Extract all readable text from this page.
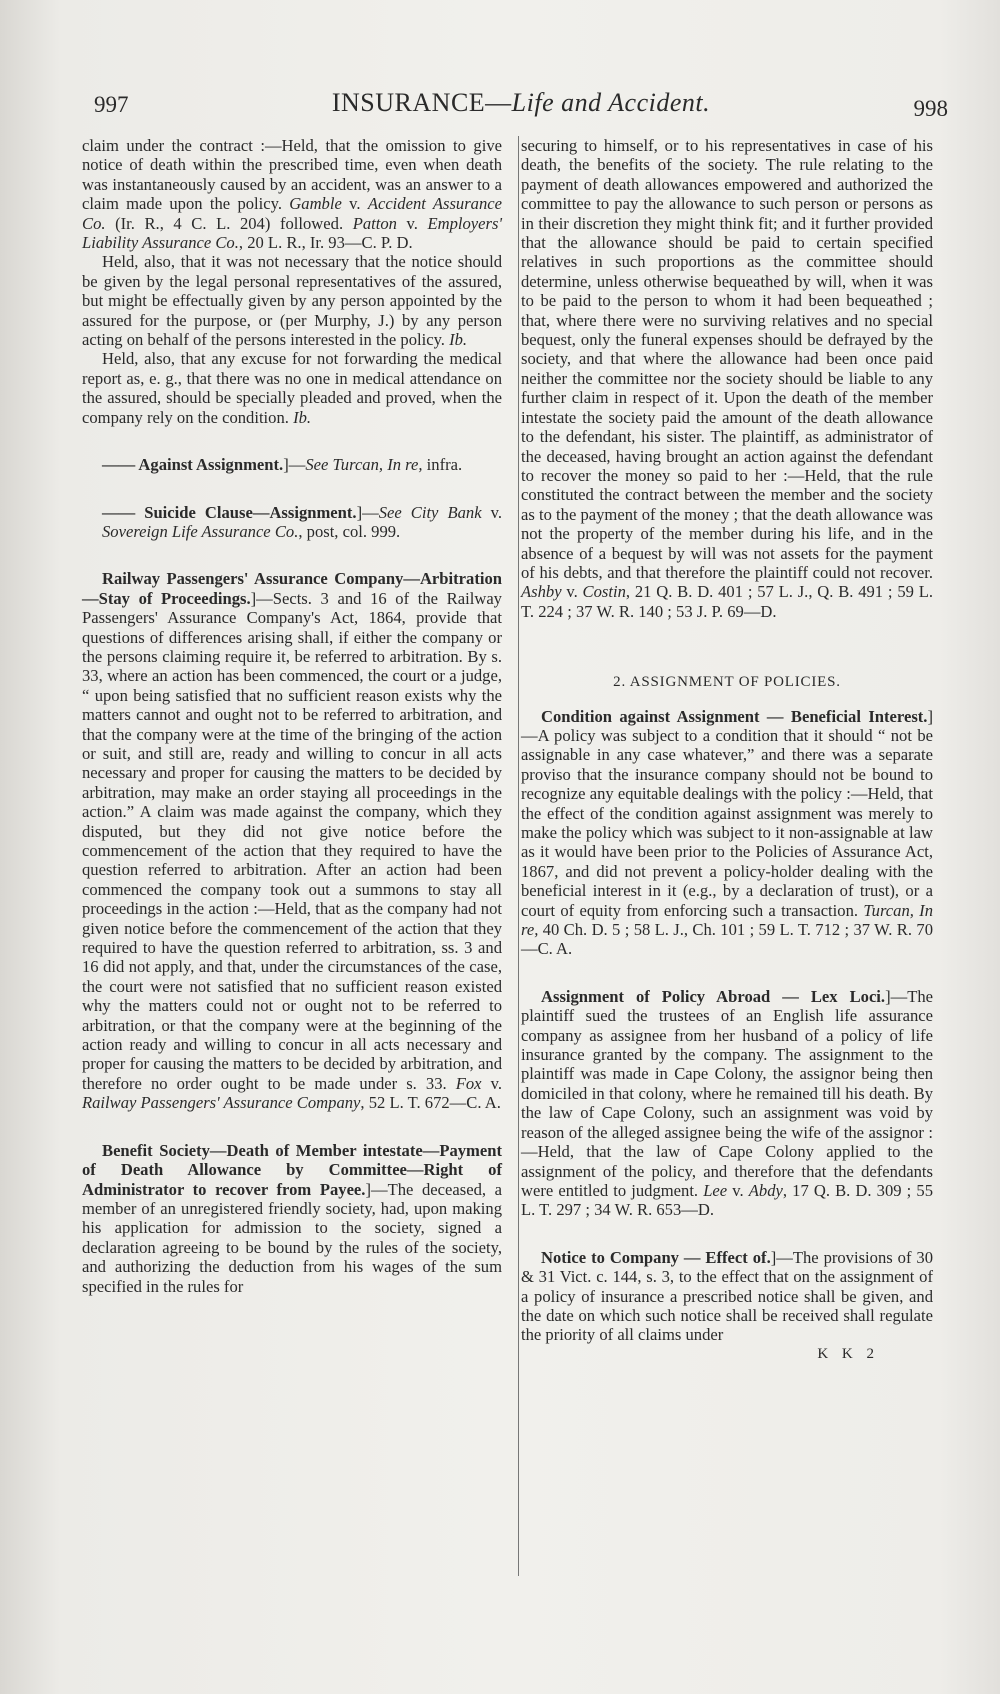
997	INSURANCE—Life and Accident.	998

claim under the contract :—Held, that the omission to give notice of death within the prescribed time, even when death was instantaneously caused by an accident, was an answer to a claim made upon the policy. Gamble v. Accident Assurance Co. (Ir. R., 4 C. L. 204) followed. Patton v. Employers' Liability Assurance Co., 20 L. R., Ir. 93—C. P. D.

Held, also, that it was not necessary that the notice should be given by the legal personal representatives of the assured, but might be effectually given by any person appointed by the assured for the purpose, or (per Murphy, J.) by any person acting on behalf of the persons interested in the policy. Ib.

Held, also, that any excuse for not forwarding the medical report as, e. g., that there was no one in medical attendance on the assured, should be specially pleaded and proved, when the company rely on the condition. Ib.

—— Against Assignment.]—See Turcan, In re, infra.

—— Suicide Clause—Assignment.]—See City Bank v. Sovereign Life Assurance Co., post, col. 999.

Railway Passengers' Assurance Company—Arbitration—Stay of Proceedings.]—Sects. 3 and 16 of the Railway Passengers' Assurance Company's Act, 1864, provide that questions of differences arising shall, if either the company or the persons claiming require it, be referred to arbitration. By s. 33, where an action has been commenced, the court or a judge, “ upon being satisfied that no sufficient reason exists why the matters cannot and ought not to be referred to arbitration, and that the company were at the time of the bringing of the action or suit, and still are, ready and willing to concur in all acts necessary and proper for causing the matters to be decided by arbitration, may make an order staying all proceedings in the action.” A claim was made against the company, which they disputed, but they did not give notice before the commencement of the action that they required to have the question referred to arbitration. After an action had been commenced the company took out a summons to stay all proceedings in the action :—Held, that as the company had not given notice before the commencement of the action that they required to have the question referred to arbitration, ss. 3 and 16 did not apply, and that, under the circumstances of the case, the court were not satisfied that no sufficient reason existed why the matters could not or ought not to be referred to arbitration, or that the company were at the beginning of the action ready and willing to concur in all acts necessary and proper for causing the matters to be decided by arbitration, and therefore no order ought to be made under s. 33. Fox v. Railway Passengers' Assurance Company, 52 L. T. 672—C. A.

Benefit Society—Death of Member intestate—Payment of Death Allowance by Committee—Right of Administrator to recover from Payee.]—The deceased, a member of an unregistered friendly society, had, upon making his application for admission to the society, signed a declaration agreeing to be bound by the rules of the society, and authorizing the deduction from his wages of the sum specified in the rules for

securing to himself, or to his representatives in case of his death, the benefits of the society. The rule relating to the payment of death allowances empowered and authorized the committee to pay the allowance to such person or persons as in their discretion they might think fit; and it further provided that the allowance should be paid to certain specified relatives in such proportions as the committee should determine, unless otherwise bequeathed by will, when it was to be paid to the person to whom it had been bequeathed ; that, where there were no surviving relatives and no special bequest, only the funeral expenses should be defrayed by the society, and that where the allowance had been once paid neither the committee nor the society should be liable to any further claim in respect of it. Upon the death of the member intestate the society paid the amount of the death allowance to the defendant, his sister. The plaintiff, as administrator of the deceased, having brought an action against the defendant to recover the money so paid to her :—Held, that the rule constituted the contract between the member and the society as to the payment of the money ; that the death allowance was not the property of the member during his life, and in the absence of a bequest by will was not assets for the payment of his debts, and that therefore the plaintiff could not recover. Ashby v. Costin, 21 Q. B. D. 401 ; 57 L. J., Q. B. 491 ; 59 L. T. 224 ; 37 W. R. 140 ; 53 J. P. 69—D.

2. ASSIGNMENT OF POLICIES.

Condition against Assignment — Beneficial Interest.]—A policy was subject to a condition that it should “ not be assignable in any case whatever,” and there was a separate proviso that the insurance company should not be bound to recognize any equitable dealings with the policy :—Held, that the effect of the condition against assignment was merely to make the policy which was subject to it non-assignable at law as it would have been prior to the Policies of Assurance Act, 1867, and did not prevent a policy-holder dealing with the beneficial interest in it (e.g., by a declaration of trust), or a court of equity from enforcing such a transaction. Turcan, In re, 40 Ch. D. 5 ; 58 L. J., Ch. 101 ; 59 L. T. 712 ; 37 W. R. 70—C. A.

Assignment of Policy Abroad — Lex Loci.]—The plaintiff sued the trustees of an English life assurance company as assignee from her husband of a policy of life insurance granted by the company. The assignment to the plaintiff was made in Cape Colony, the assignor being then domiciled in that colony, where he remained till his death. By the law of Cape Colony, such an assignment was void by reason of the alleged assignee being the wife of the assignor :—Held, that the law of Cape Colony applied to the assignment of the policy, and therefore that the defendants were entitled to judgment. Lee v. Abdy, 17 Q. B. D. 309 ; 55 L. T. 297 ; 34 W. R. 653—D.

Notice to Company — Effect of.]—The provisions of 30 & 31 Vict. c. 144, s. 3, to the effect that on the assignment of a policy of insurance a prescribed notice shall be given, and the date on which such notice shall be received shall regulate the priority of all claims under

K K 2
